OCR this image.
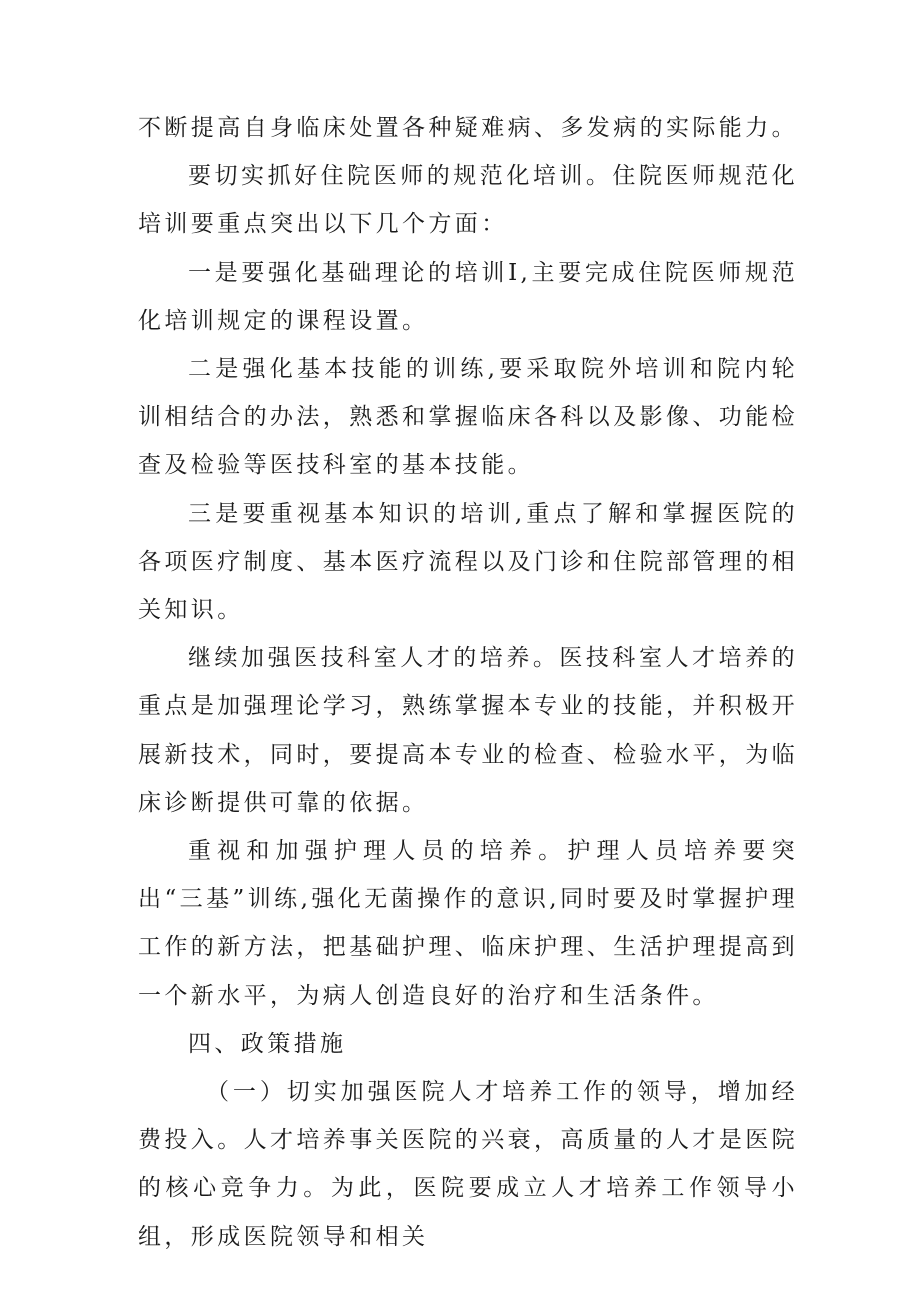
不断提高自身临床处置各种疑难病、多发病的实际能力。

要切实抓好住院医师的规范化培训。住院医师规范化培训要重点突出以下几个方面：

一是要强化基础理论的培训I,主要完成住院医师规范化培训规定的课程设置。

二是强化基本技能的训练,要采取院外培训和院内轮训相结合的办法，熟悉和掌握临床各科以及影像、功能检查及检验等医技科室的基本技能。

三是要重视基本知识的培训,重点了解和掌握医院的各项医疗制度、基本医疗流程以及门诊和住院部管理的相关知识。

继续加强医技科室人才的培养。医技科室人才培养的重点是加强理论学习，熟练掌握本专业的技能，并积极开展新技术，同时，要提高本专业的检查、检验水平，为临床诊断提供可靠的依据。

重视和加强护理人员的培养。护理人员培养要突出“三基”训练,强化无菌操作的意识,同时要及时掌握护理工作的新方法，把基础护理、临床护理、生活护理提高到一个新水平，为病人创造良好的治疗和生活条件。

四、政策措施

（一）切实加强医院人才培养工作的领导，增加经费投入。人才培养事关医院的兴衰，高质量的人才是医院的核心竞争力。为此，医院要成立人才培养工作领导小组，形成医院领导和相关
